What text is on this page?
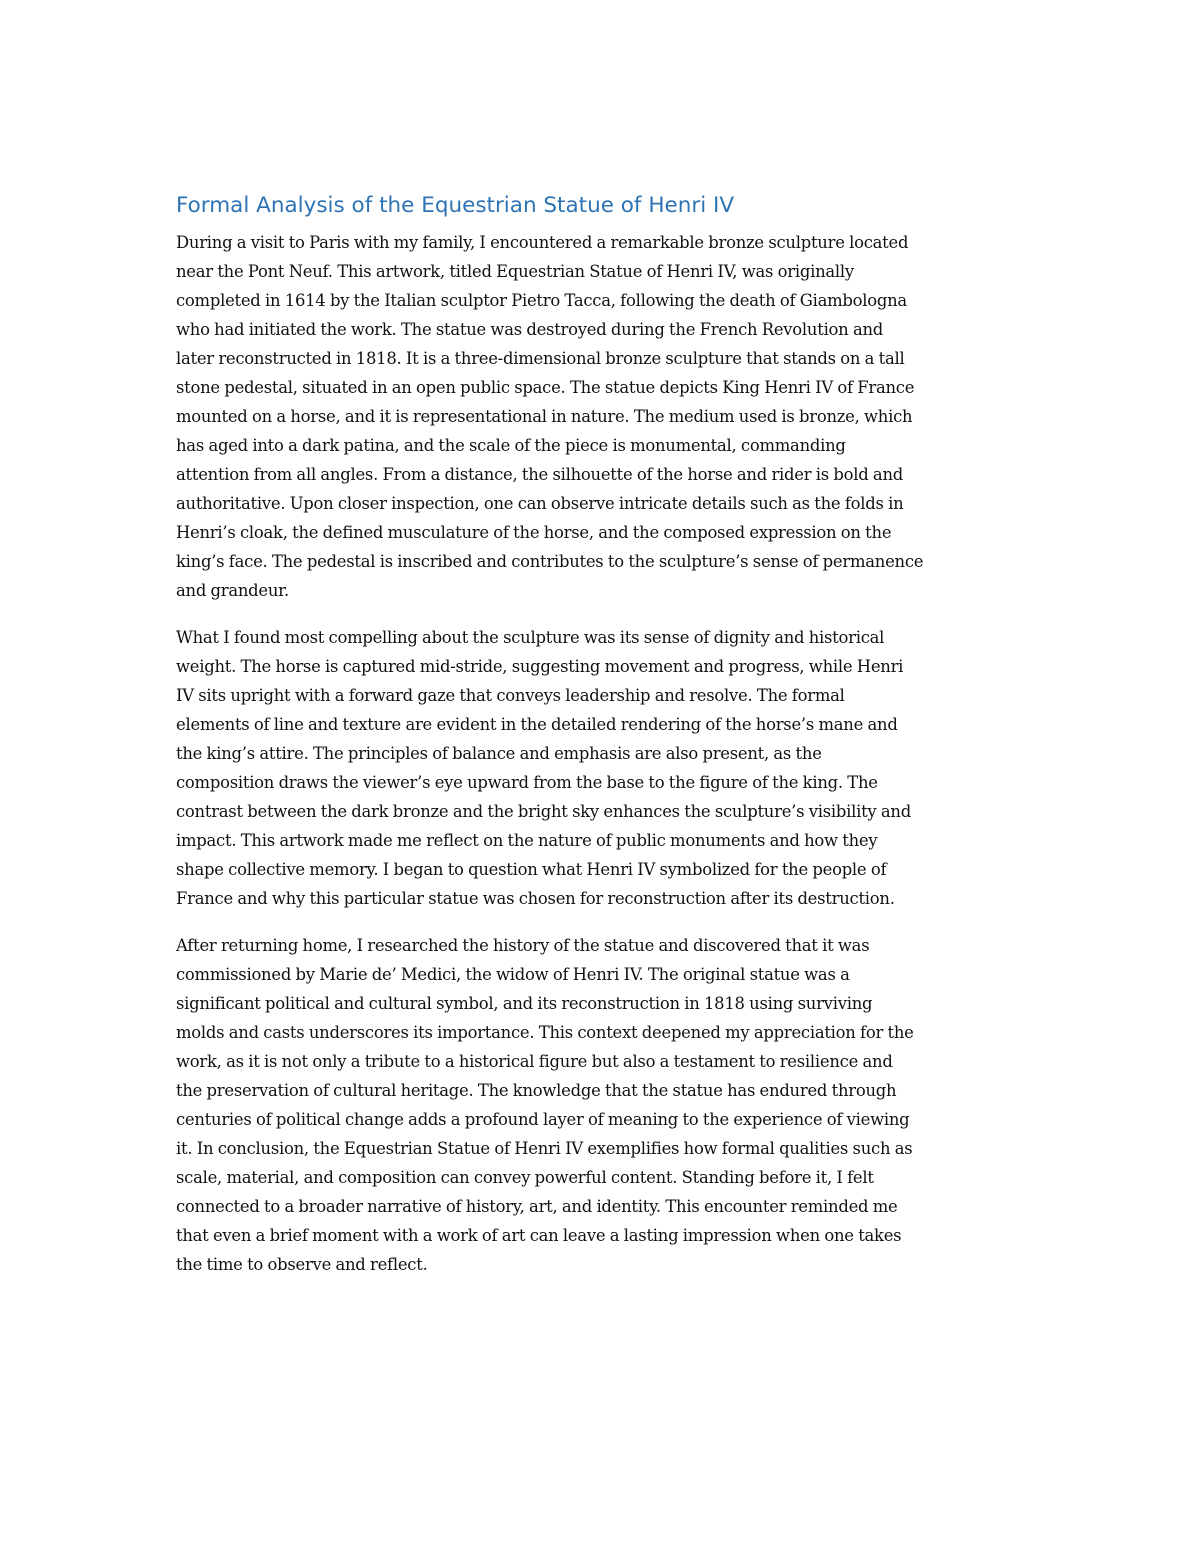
Formal Analysis of the Equestrian Statue of Henri IV

During a visit to Paris with my family, I encountered a remarkable bronze sculpture located
near the Pont Neuf. This artwork, titled Equestrian Statue of Henri IV, was originally
completed in 1614 by the Italian sculptor Pietro Tacca, following the death of Giambologna
who had initiated the work. The statue was destroyed during the French Revolution and
later reconstructed in 1818. It is a three-dimensional bronze sculpture that stands on a tall
stone pedestal, situated in an open public space. The statue depicts King Henri IV of France
mounted on a horse, and it is representational in nature. The medium used is bronze, which
has aged into a dark patina, and the scale of the piece is monumental, commanding
attention from all angles. From a distance, the silhouette of the horse and rider is bold and
authoritative. Upon closer inspection, one can observe intricate details such as the folds in
Henri’s cloak, the defined musculature of the horse, and the composed expression on the
king’s face. The pedestal is inscribed and contributes to the sculpture’s sense of permanence
and grandeur.

What I found most compelling about the sculpture was its sense of dignity and historical
weight. The horse is captured mid-stride, suggesting movement and progress, while Henri
IV sits upright with a forward gaze that conveys leadership and resolve. The formal
elements of line and texture are evident in the detailed rendering of the horse’s mane and
the king’s attire. The principles of balance and emphasis are also present, as the
composition draws the viewer’s eye upward from the base to the figure of the king. The
contrast between the dark bronze and the bright sky enhances the sculpture’s visibility and
impact. This artwork made me reflect on the nature of public monuments and how they
shape collective memory. I began to question what Henri IV symbolized for the people of
France and why this particular statue was chosen for reconstruction after its destruction.

After returning home, I researched the history of the statue and discovered that it was
commissioned by Marie de’ Medici, the widow of Henri IV. The original statue was a
significant political and cultural symbol, and its reconstruction in 1818 using surviving
molds and casts underscores its importance. This context deepened my appreciation for the
work, as it is not only a tribute to a historical figure but also a testament to resilience and
the preservation of cultural heritage. The knowledge that the statue has endured through
centuries of political change adds a profound layer of meaning to the experience of viewing
it. In conclusion, the Equestrian Statue of Henri IV exemplifies how formal qualities such as
scale, material, and composition can convey powerful content. Standing before it, I felt
connected to a broader narrative of history, art, and identity. This encounter reminded me
that even a brief moment with a work of art can leave a lasting impression when one takes
the time to observe and reflect.
